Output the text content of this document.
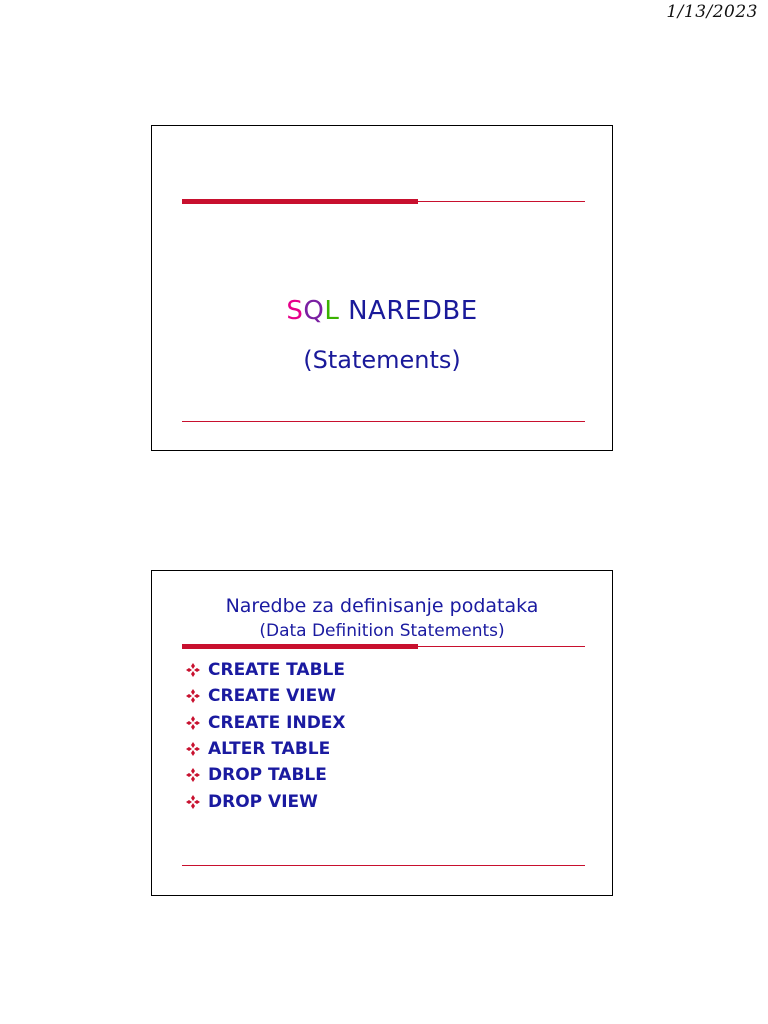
1/13/2023
SQL NAREDBE
(Statements)
Naredbe za definisanje podataka
(Data Definition Statements)
CREATE TABLE
CREATE VIEW
CREATE INDEX
ALTER TABLE
DROP TABLE
DROP VIEW
